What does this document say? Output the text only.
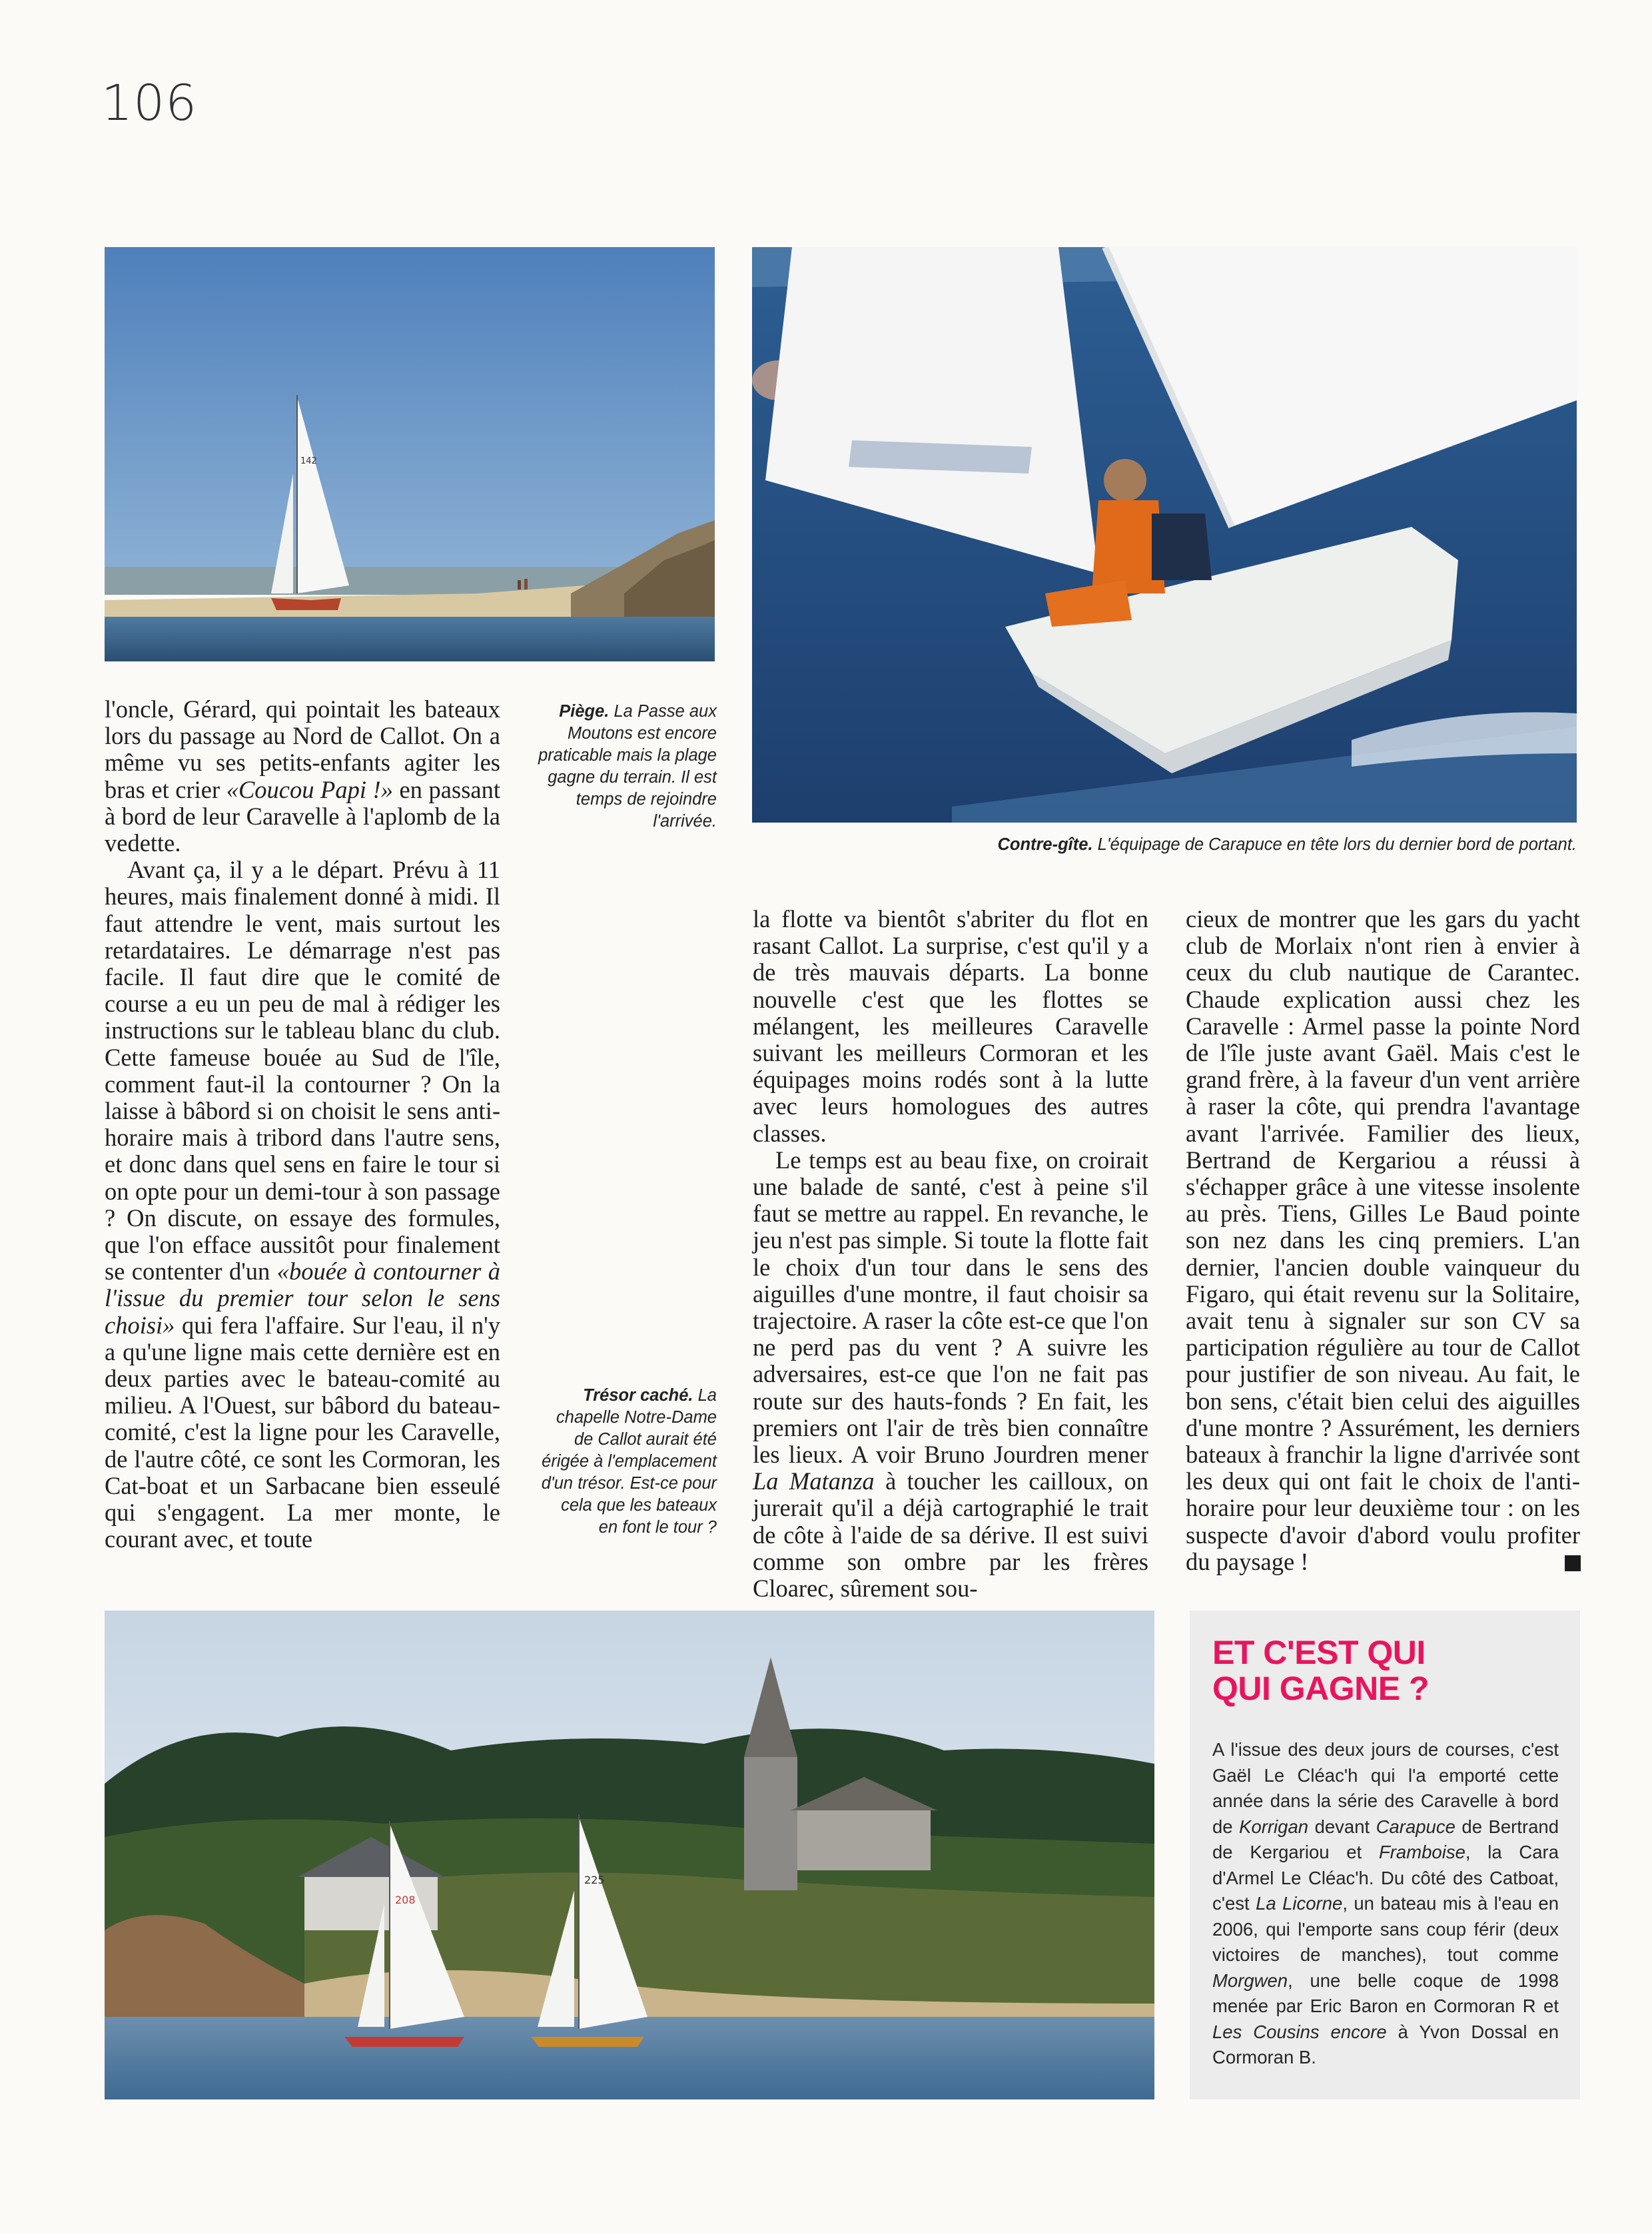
106
142

l'oncle, Gérard, qui pointait les bateaux lors du passage au Nord de Callot. On a même vu ses petits-enfants agiter les bras et crier «Coucou Papi !» en passant à bord de leur Caravelle à l'aplomb de la vedette.

Avant ça, il y a le départ. Prévu à 11 heures, mais finalement donné à midi. Il faut attendre le vent, mais surtout les retardataires. Le démarrage n'est pas facile. Il faut dire que le comité de course a eu un peu de mal à rédiger les instructions sur le tableau blanc du club. Cette fameuse bouée au Sud de l'île, comment faut-il la contourner ? On la laisse à bâbord si on choisit le sens anti-horaire mais à tribord dans l'autre sens, et donc dans quel sens en faire le tour si on opte pour un demi-tour à son passage ? On discute, on essaye des formules, que l'on efface aussitôt pour finalement se contenter d'un «bouée à contourner à l'issue du premier tour selon le sens choisi» qui fera l'affaire. Sur l'eau, il n'y a qu'une ligne mais cette dernière est en deux parties avec le bateau-comité au milieu. A l'Ouest, sur bâbord du bateau-comité, c'est la ligne pour les Caravelle, de l'autre côté, ce sont les Cormoran, les Cat-boat et un Sarbacane bien esseulé qui s'engagent. La mer monte, le courant avec, et toute

Piège. La Passe aux Moutons est encore praticable mais la plage gagne du terrain. Il est temps de rejoindre l'arrivée.
Trésor caché. La chapelle Notre-Dame de Callot aurait été érigée à l'emplacement d'un trésor. Est-ce pour cela que les bateaux en font le tour ?
Contre-gîte. L'équipage de Carapuce en tête lors du dernier bord de portant.

la flotte va bientôt s'abriter du flot en rasant Callot. La surprise, c'est qu'il y a de très mauvais départs. La bonne nouvelle c'est que les flottes se mélangent, les meilleures Caravelle suivant les meilleurs Cormoran et les équipages moins rodés sont à la lutte avec leurs homologues des autres classes.

Le temps est au beau fixe, on croirait une balade de santé, c'est à peine s'il faut se mettre au rappel. En revanche, le jeu n'est pas simple. Si toute la flotte fait le choix d'un tour dans le sens des aiguilles d'une montre, il faut choisir sa trajectoire. A raser la côte est-ce que l'on ne perd pas du vent ? A suivre les adversaires, est-ce que l'on ne fait pas route sur des hauts-fonds ? En fait, les premiers ont l'air de très bien connaître les lieux. A voir Bruno Jourdren mener La Matanza à toucher les cailloux, on jurerait qu'il a déjà cartographié le trait de côte à l'aide de sa dérive. Il est suivi comme son ombre par les frères Cloarec, sûrement sou-

cieux de montrer que les gars du yacht club de Morlaix n'ont rien à envier à ceux du club nautique de Carantec. Chaude explication aussi chez les Caravelle : Armel passe la pointe Nord de l'île juste avant Gaël. Mais c'est le grand frère, à la faveur d'un vent arrière à raser la côte, qui prendra l'avantage avant l'arrivée. Familier des lieux, Bertrand de Kergariou a réussi à s'échapper grâce à une vitesse insolente au près. Tiens, Gilles Le Baud pointe son nez dans les cinq premiers. L'an dernier, l'ancien double vainqueur du Figaro, qui était revenu sur la Solitaire, avait tenu à signaler sur son CV sa participation régulière au tour de Callot pour justifier de son niveau. Au fait, le bon sens, c'était bien celui des aiguilles d'une montre ? Assurément, les derniers bateaux à franchir la ligne d'arrivée sont les deux qui ont fait le choix de l'anti-horaire pour leur deuxième tour : on les suspecte d'avoir d'abord voulu profiter du paysage !

208
225
ET C'EST QUI
QUI GAGNE ?
A l'issue des deux jours de courses, c'est Gaël Le Cléac'h qui l'a emporté cette année dans la série des Caravelle à bord de Korrigan devant Carapuce de Bertrand de Kergariou et Framboise, la Cara d'Armel Le Cléac'h. Du côté des Catboat, c'est La Licorne, un bateau mis à l'eau en 2006, qui l'emporte sans coup férir (deux victoires de manches), tout comme Morgwen, une belle coque de 1998 menée par Eric Baron en Cormoran R et Les Cousins encore à Yvon Dossal en Cormoran B.
